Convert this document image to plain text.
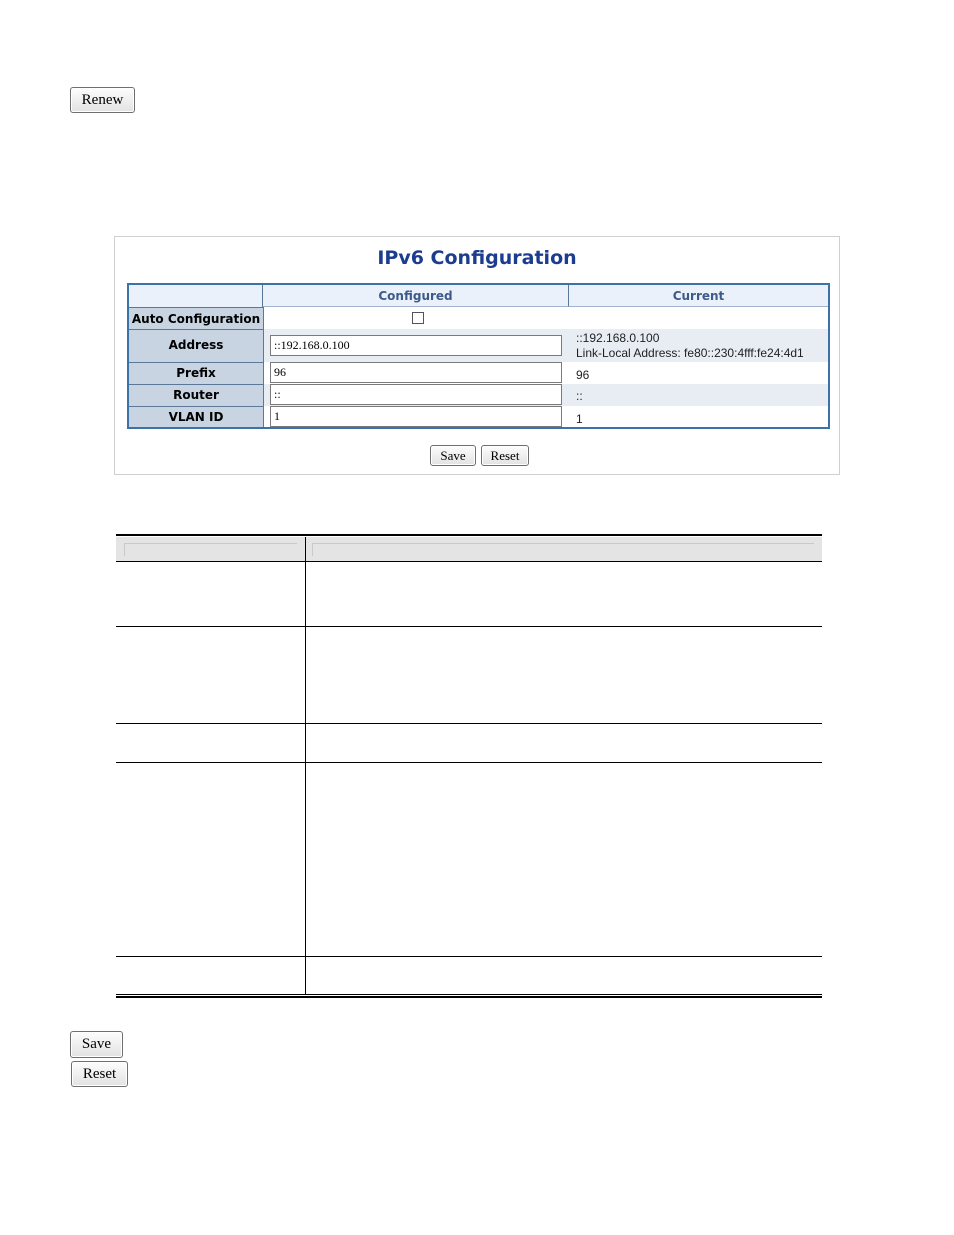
Renew
IPv6 Configuration
Configured	Current
Auto Configuration
Address
Prefix
Router
VLAN ID
::192.168.0.100
96
::
1
::192.168.0.100
Link-Local Address: fe80::230:4fff:fe24:4d1
96
::
1
Save	Reset
Save
Reset
